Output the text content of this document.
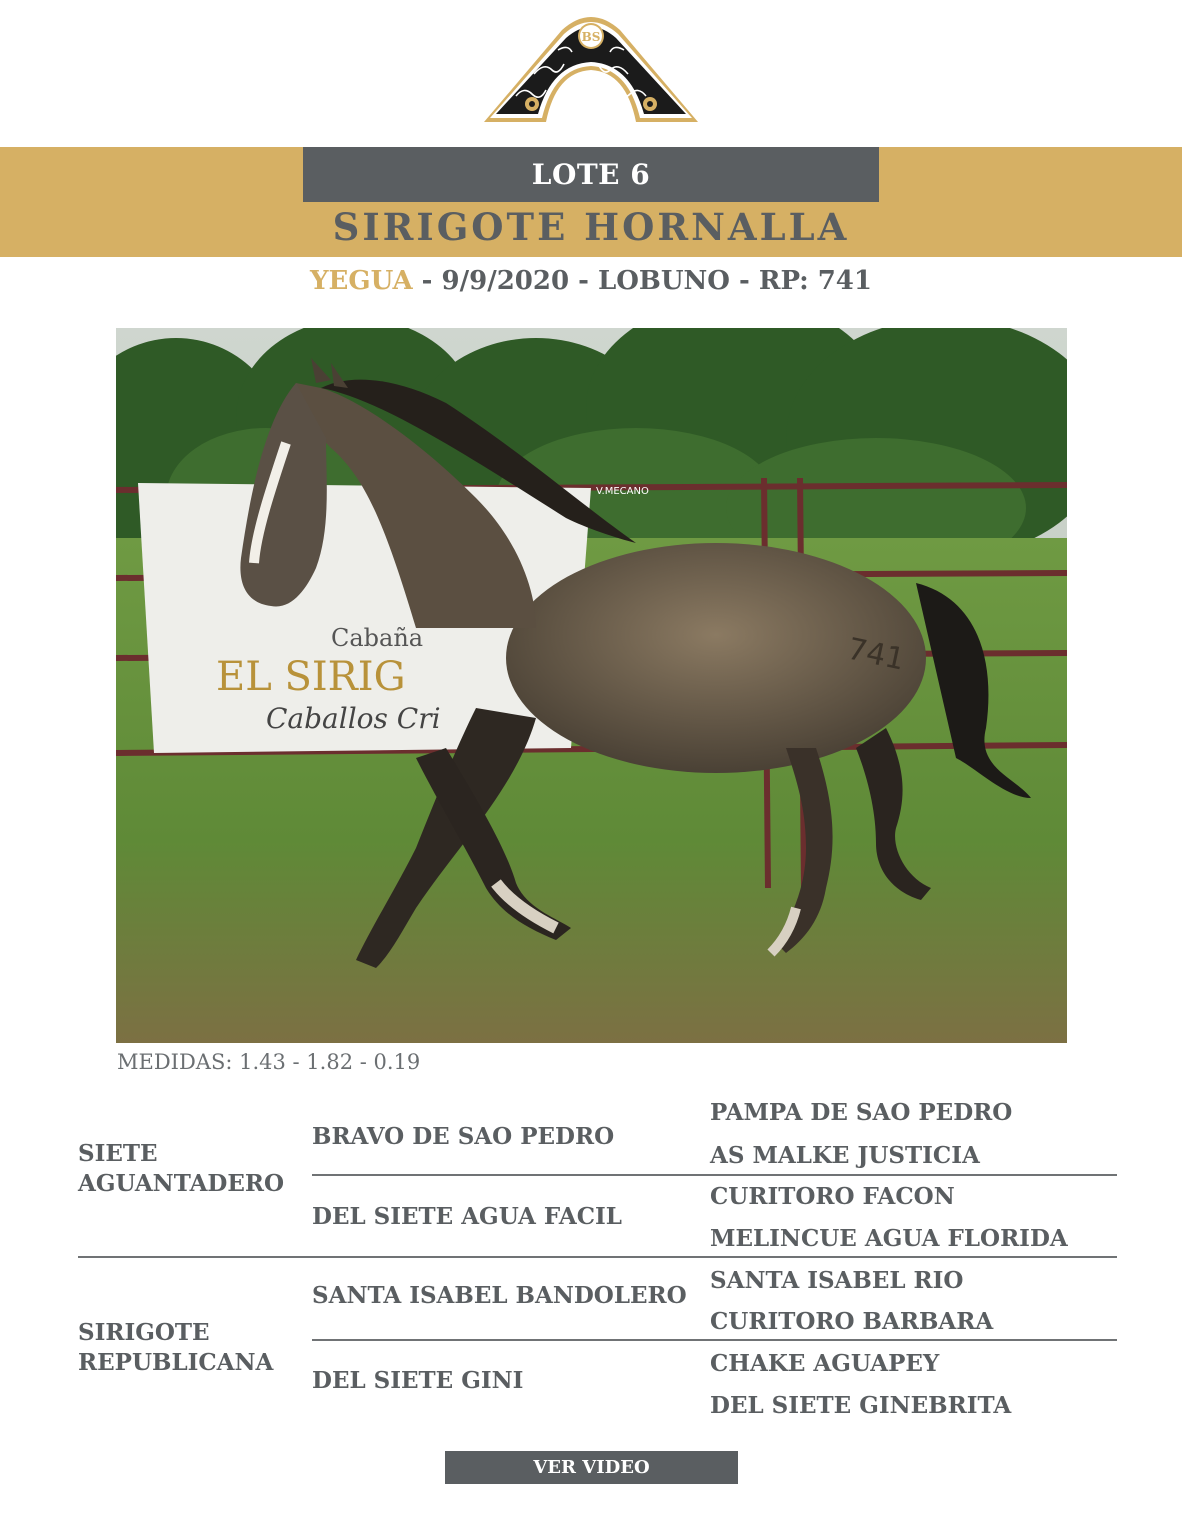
BS
LOTE 6
SIRIGOTE HORNALLA
YEGUA - 9/9/2020 - LOBUNO - RP: 741
V.MECANO
Cabaña
EL SIRIG
Caballos Cri
741
MEDIDAS: 1.43 - 1.82 - 0.19
SIETE
AGUANTADERO
BRAVO DE SAO PEDRO
DEL SIETE AGUA FACIL
PAMPA DE SAO PEDRO
AS MALKE JUSTICIA
CURITORO FACON
MELINCUE AGUA FLORIDA
SIRIGOTE
REPUBLICANA
SANTA ISABEL BANDOLERO
DEL SIETE GINI
SANTA ISABEL RIO
CURITORO BARBARA
CHAKE AGUAPEY
DEL SIETE GINEBRITA
VER VIDEO
